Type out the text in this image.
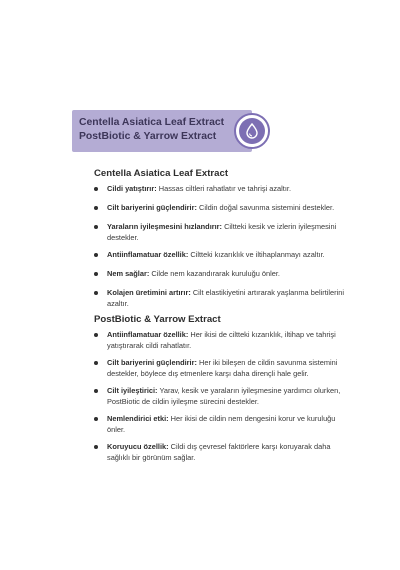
Centella Asiatica Leaf Extract
PostBiotic & Yarrow Extract
Centella Asiatica Leaf Extract
Cildi yatıştırır: Hassas ciltleri rahatlatır ve tahrişi azaltır.
Cilt bariyerini güçlendirir: Cildin doğal savunma sistemini destekler.
Yaraların iyileşmesini hızlandırır: Ciltteki kesik ve izlerin iyileşmesini destekler.
Antiinflamatuar özellik: Ciltteki kızarıklık ve iltihaplanmayı azaltır.
Nem sağlar: Cilde nem kazandırarak kuruluğu önler.
Kolajen üretimini artırır: Cilt elastikiyetini artırarak yaşlanma belirtilerini azaltır.
PostBiotic & Yarrow Extract
Antiinflamatuar özellik: Her ikisi de ciltteki kızarıklık, iltihap ve tahrişi yatıştırarak cildi rahatlatır.
Cilt bariyerini güçlendirir: Her iki bileşen de cildin savunma sistemini destekler, böylece dış etmenlere karşı daha dirençli hale gelir.
Cilt iyileştirici: Yarav, kesik ve yaraların iyileşmesine yardımcı olurken, PostBiotic de cildin iyileşme sürecini destekler.
Nemlendirici etki: Her ikisi de cildin nem dengesini korur ve kuruluğu önler.
Koruyucu özellik: Cildi dış çevresel faktörlere karşı koruyarak daha sağlıklı bir görünüm sağlar.
